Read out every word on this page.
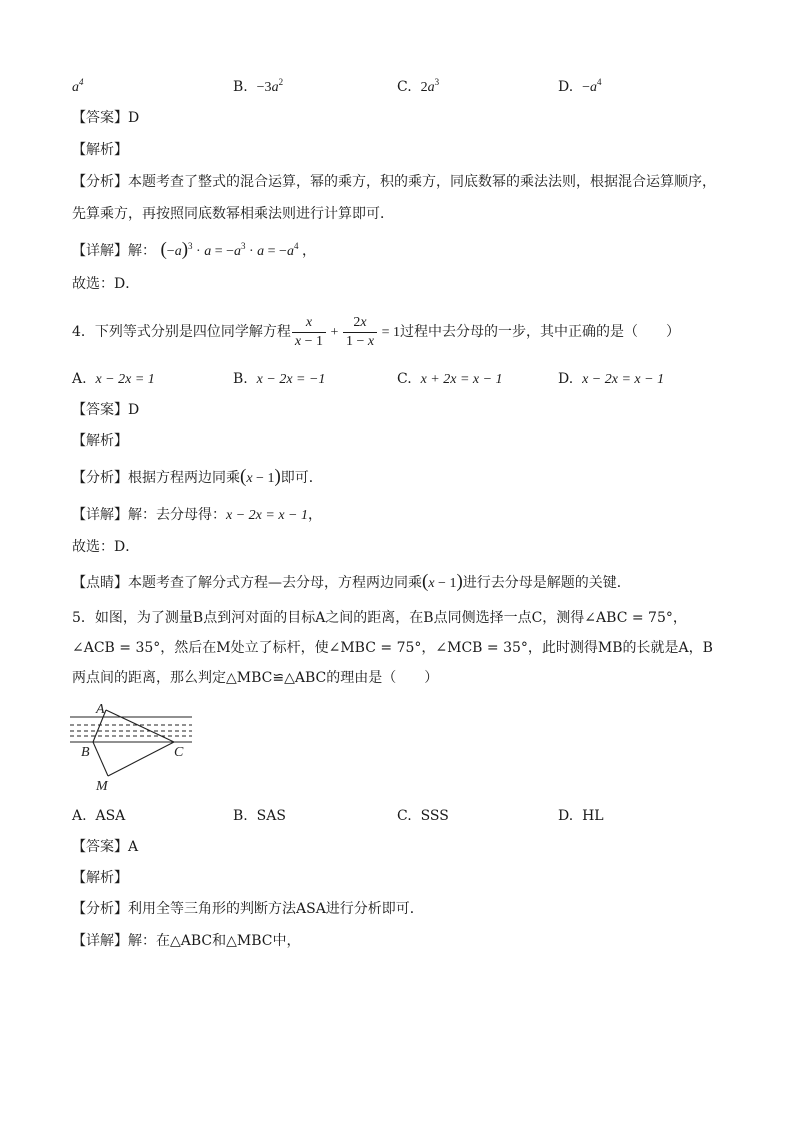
$a^4$	B. $-3a^2$	C. $2a^3$	D. $-a^4$
【答案】D
【解析】
【分析】本题考查了整式的混合运算，幂的乘方，积的乘方，同底数幂的乘法法则，根据混合运算顺序，
先算乘方，再按照同底数幂相乘法则进行计算即可．
【详解】解： $(-a)^3 \cdot a = -a^3 \cdot a = -a^4$ ，
故选：D．
4．下列等式分别是四位同学解方程 $\frac{x}{x - 1} + \frac{2x}{1 - x} = 1$过程中去分母的一步，其中正确的是（　　）
A. x − 2x = 1	B. x − 2x = −1	C. x + 2x = x − 1	D. x − 2x = x − 1
【答案】D
【解析】
【分析】根据方程两边同乘(x − 1)即可．
【详解】解：去分母得：x − 2x = x − 1，
故选：D．
【点睛】本题考查了解分式方程—去分母，方程两边同乘(x − 1)进行去分母是解题的关键．
5．如图，为了测量B点到河对面的目标A之间的距离，在B点同侧选择一点C，测得∠ABC = 75°，
∠ACB = 35°，然后在M处立了标杆，使∠MBC = 75°，∠MCB = 35°，此时测得MB的长就是A，B
两点间的距离，那么判定△MBC≌△ABC的理由是（　　）
A
B	C
M
A. ASA	B. SAS	C. SSS	D. HL
【答案】A
【解析】
【分析】利用全等三角形的判断方法ASA进行分析即可．
【详解】解：在△ABC和△MBC中，
